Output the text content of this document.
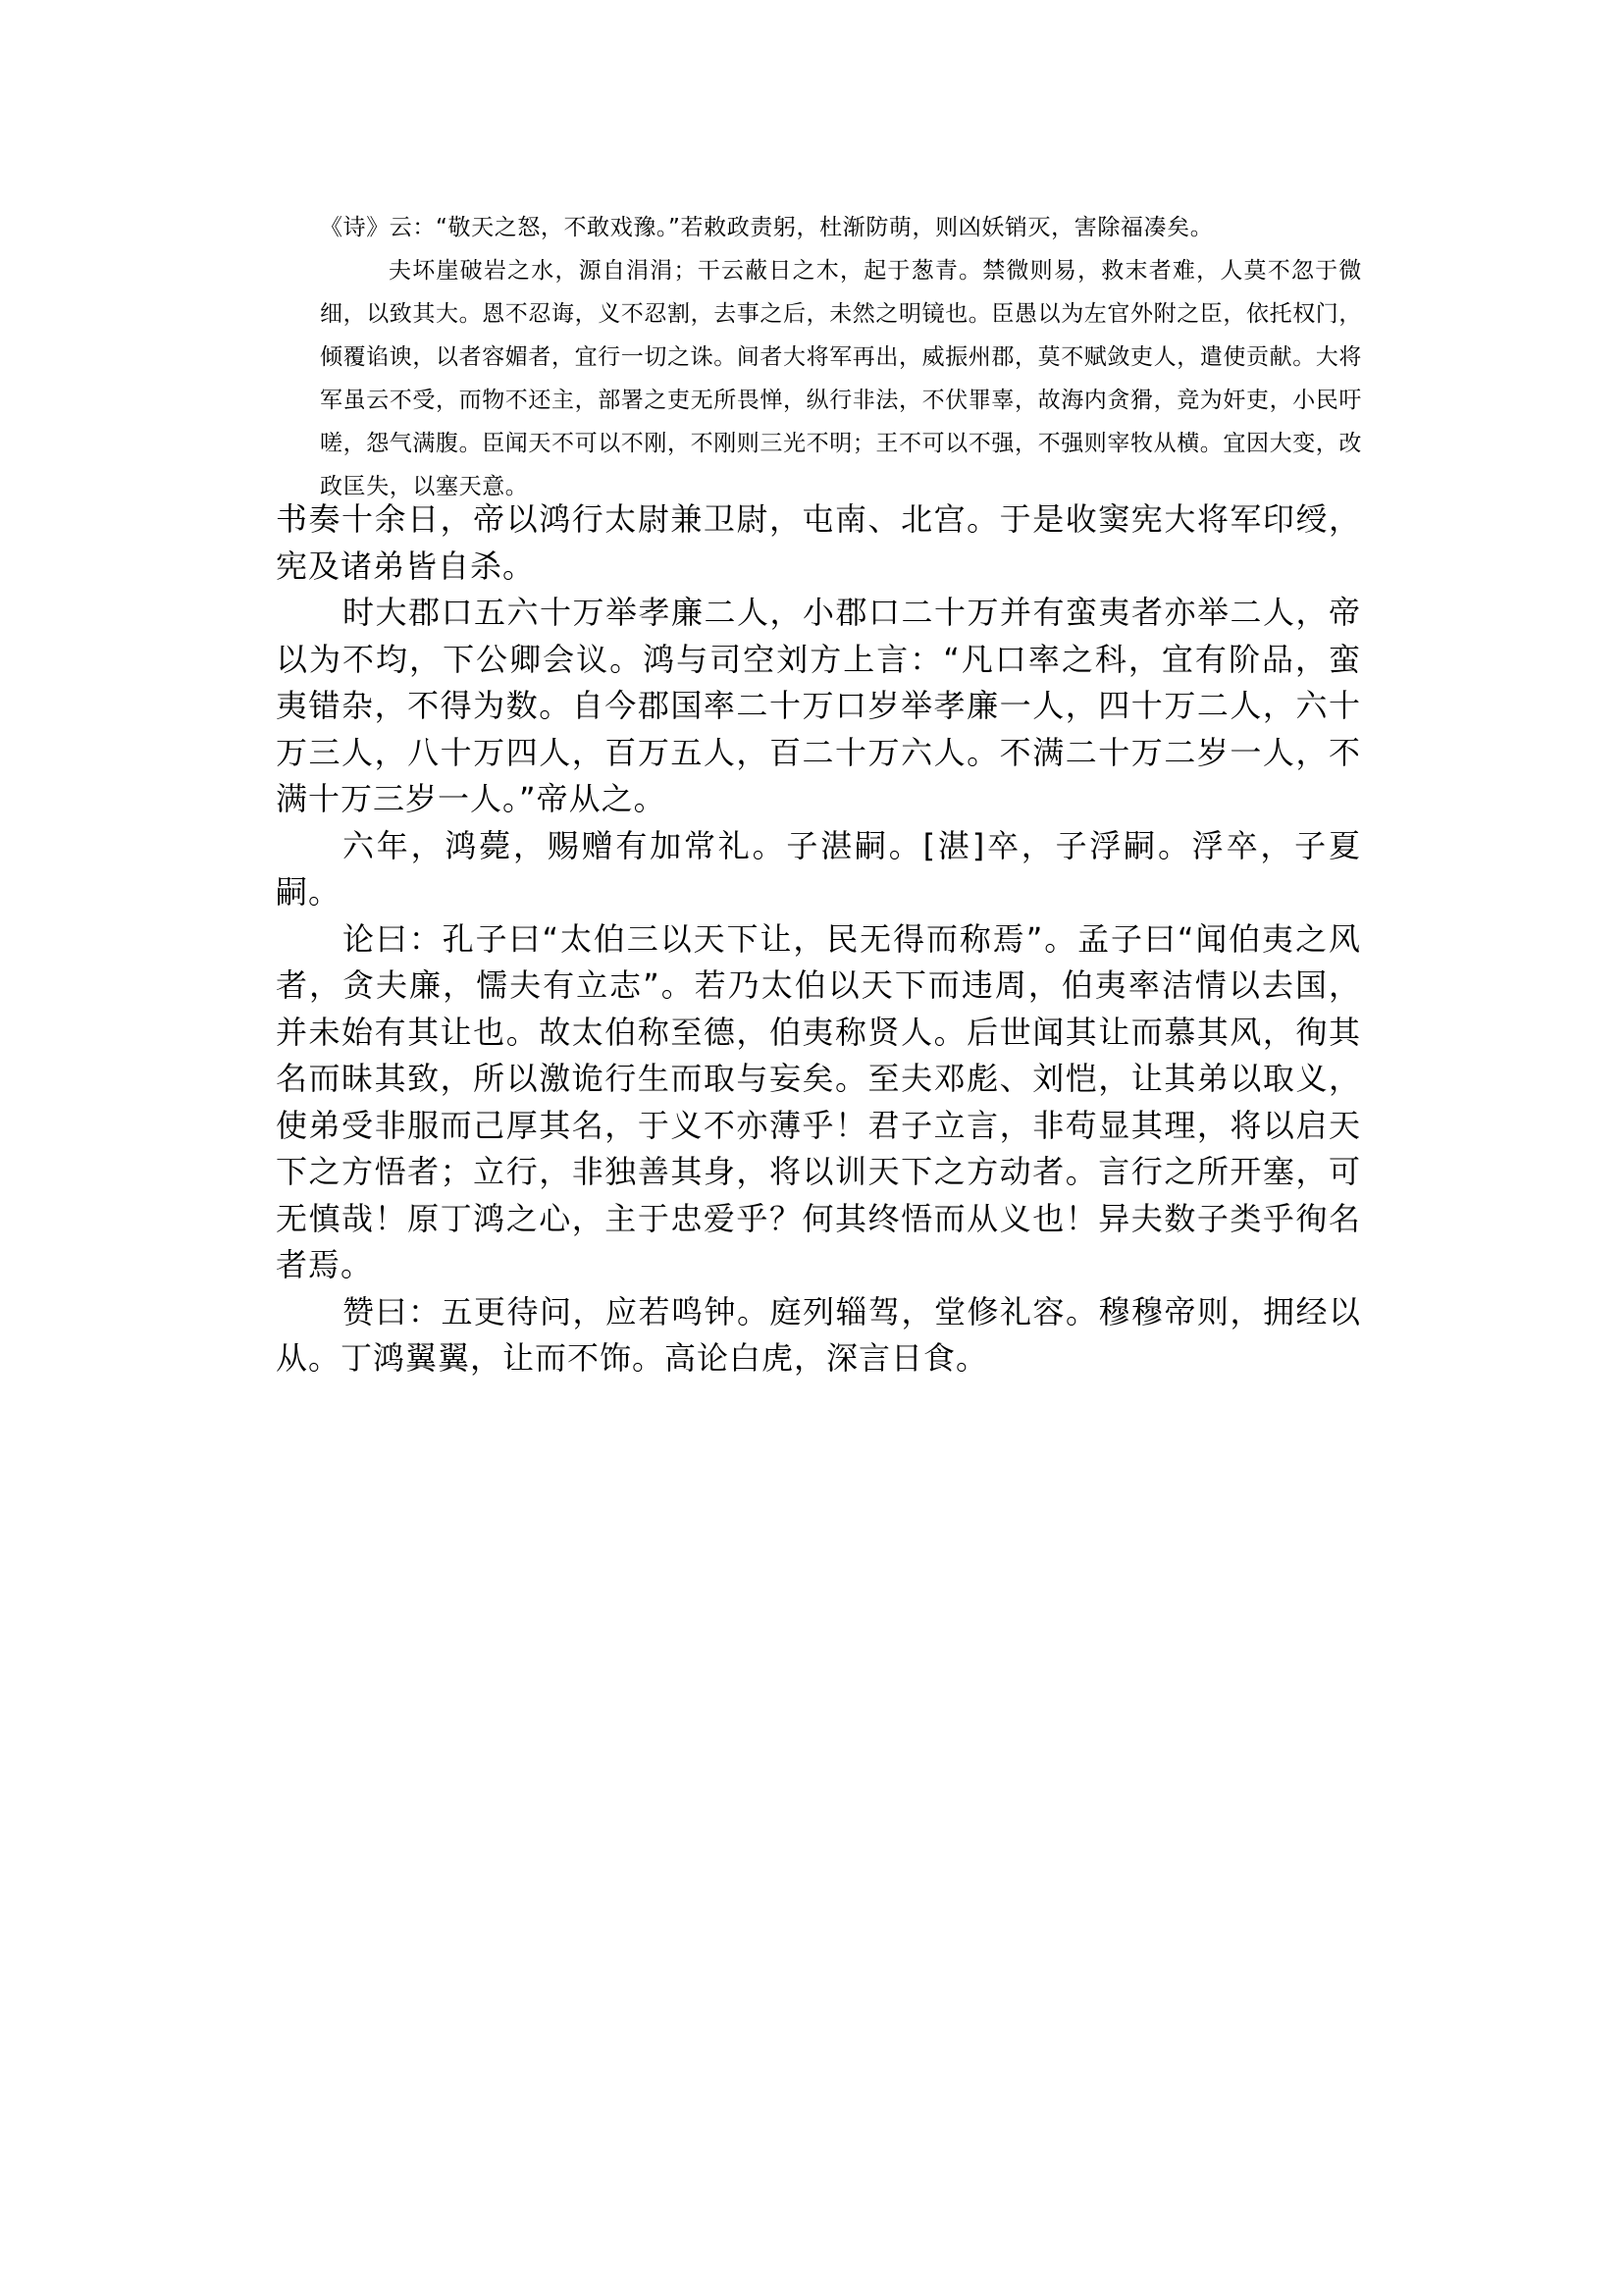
《诗》云：“敬天之怒，不敢戏豫。”若敕政责躬，杜渐防萌，则凶妖销灭，害除福凑矣。

夫坏崖破岩之水，源自涓涓；干云蔽日之木，起于葱青。禁微则易，救末者难，人莫不忽于微细，以致其大。恩不忍诲，义不忍割，去事之后，未然之明镜也。臣愚以为左官外附之臣，依托权门，倾覆谄谀，以者容媚者，宜行一切之诛。间者大将军再出，威振州郡，莫不赋敛吏人，遣使贡献。大将军虽云不受，而物不还主，部署之吏无所畏惮，纵行非法，不伏罪辜，故海内贪猾，竞为奸吏，小民吁嗟，怨气满腹。臣闻天不可以不刚，不刚则三光不明；王不可以不强，不强则宰牧从横。宜因大变，改政匡失，以塞天意。

书奏十余日，帝以鸿行太尉兼卫尉，屯南、北宫。于是收窦宪大将军印绶，宪及诸弟皆自杀。

时大郡口五六十万举孝廉二人，小郡口二十万并有蛮夷者亦举二人，帝以为不均，下公卿会议。鸿与司空刘方上言：“凡口率之科，宜有阶品，蛮夷错杂，不得为数。自今郡国率二十万口岁举孝廉一人，四十万二人，六十万三人，八十万四人，百万五人，百二十万六人。不满二十万二岁一人，不满十万三岁一人。”帝从之。

六年，鸿薨，赐赠有加常礼。子湛嗣。[湛]卒，子浮嗣。浮卒，子夏嗣。

论曰：孔子曰“太伯三以天下让，民无得而称焉”。孟子曰“闻伯夷之风者，贪夫廉，懦夫有立志”。若乃太伯以天下而违周，伯夷率洁情以去国，并未始有其让也。故太伯称至德，伯夷称贤人。后世闻其让而慕其风，徇其名而昧其致，所以激诡行生而取与妄矣。至夫邓彪、刘恺，让其弟以取义，使弟受非服而己厚其名，于义不亦薄乎！君子立言，非苟显其理，将以启天下之方悟者；立行，非独善其身，将以训天下之方动者。言行之所开塞，可无慎哉！原丁鸿之心，主于忠爱乎？何其终悟而从义也！异夫数子类乎徇名者焉。

赞曰：五更待问，应若鸣钟。庭列辎驾，堂修礼容。穆穆帝则，拥经以从。丁鸿翼翼，让而不饰。高论白虎，深言日食。
